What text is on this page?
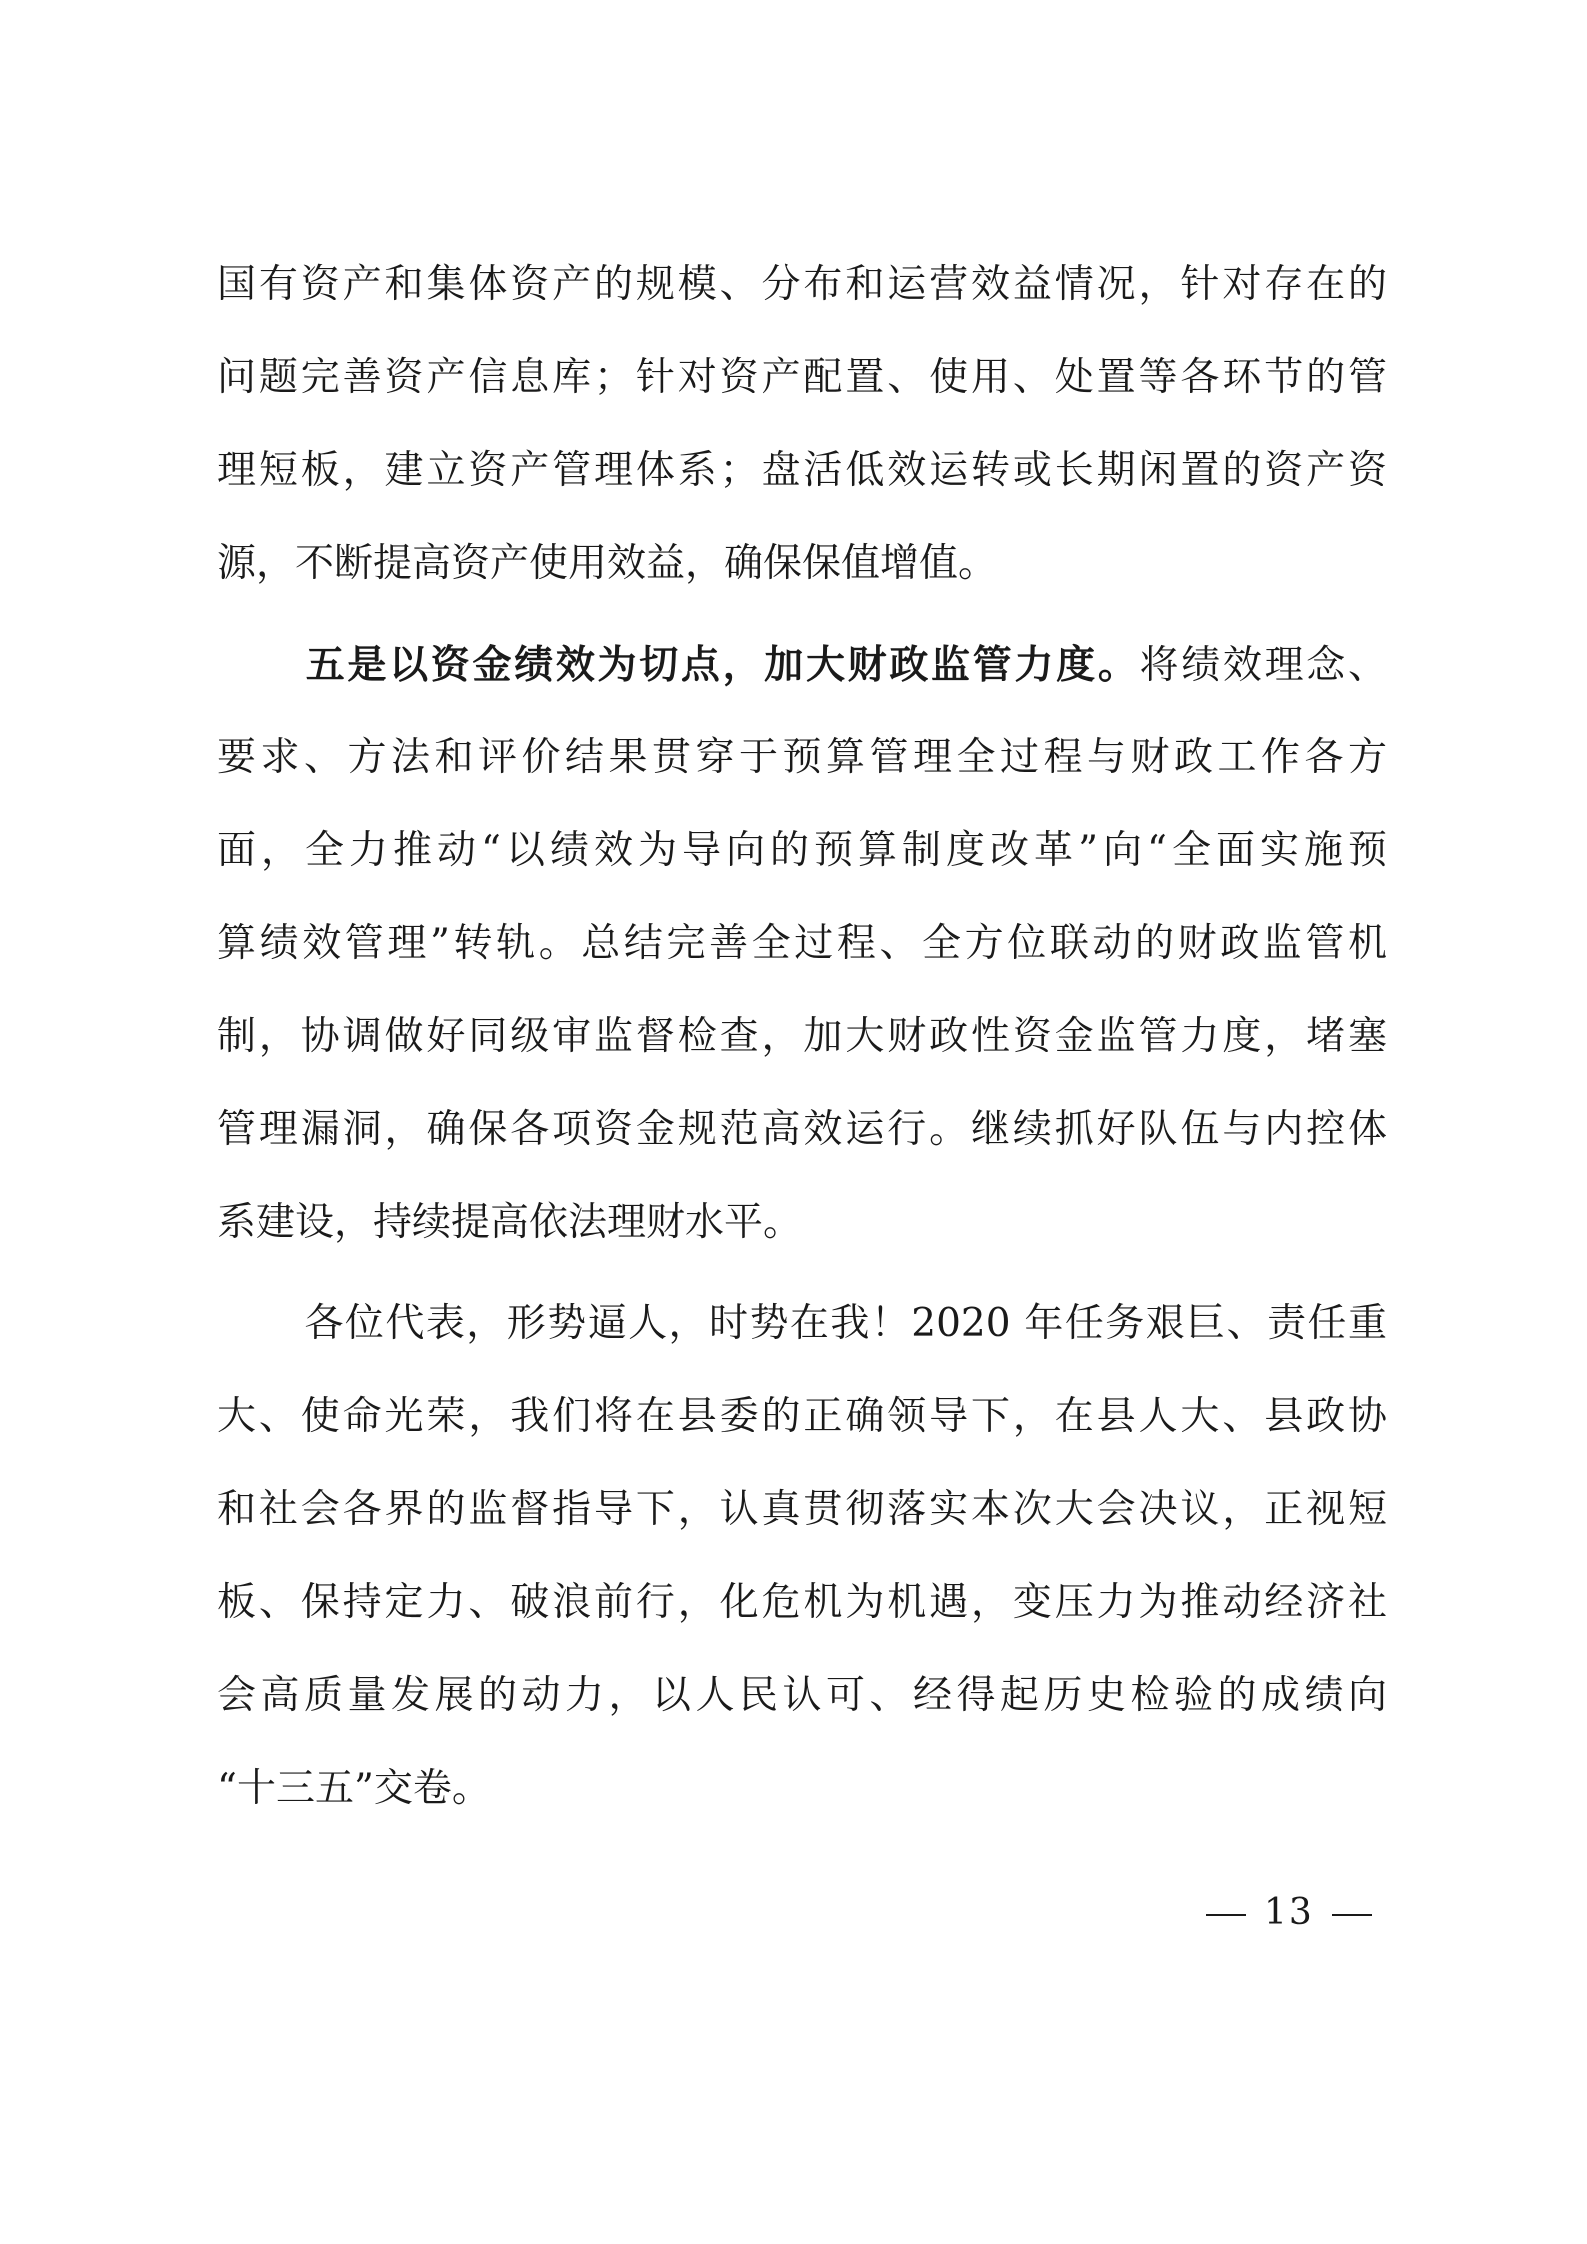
国有资产和集体资产的规模、分布和运营效益情况，针对存在的
问题完善资产信息库；针对资产配置、使用、处置等各环节的管
理短板，建立资产管理体系；盘活低效运转或长期闲置的资产资
源，不断提高资产使用效益，确保保值增值。
五是以资金绩效为切点，加大财政监管力度。将绩效理念、
要求、方法和评价结果贯穿于预算管理全过程与财政工作各方
面，全力推动“以绩效为导向的预算制度改革”向“全面实施预
算绩效管理”转轨。总结完善全过程、全方位联动的财政监管机
制，协调做好同级审监督检查，加大财政性资金监管力度，堵塞
管理漏洞，确保各项资金规范高效运行。继续抓好队伍与内控体
系建设，持续提高依法理财水平。
各位代表，形势逼人，时势在我！2020 年任务艰巨、责任重
大、使命光荣，我们将在县委的正确领导下，在县人大、县政协
和社会各界的监督指导下，认真贯彻落实本次大会决议，正视短
板、保持定力、破浪前行，化危机为机遇，变压力为推动经济社
会高质量发展的动力，以人民认可、经得起历史检验的成绩向
“十三五”交卷。
13
